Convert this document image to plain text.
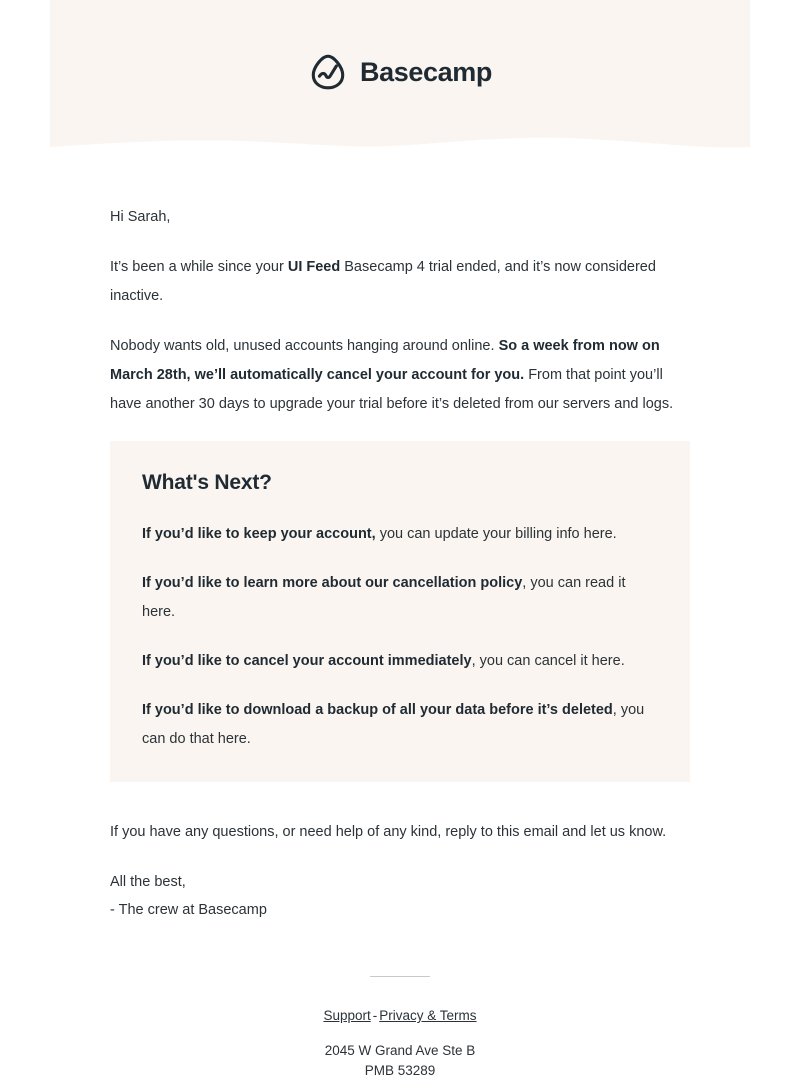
Basecamp

Hi Sarah,

It’s been a while since your UI Feed Basecamp 4 trial ended, and it’s now considered inactive.

Nobody wants old, unused accounts hanging around online. So a week from now on March 28th, we’ll automatically cancel your account for you. From that point you’ll have another 30 days to upgrade your trial before it’s deleted from our servers and logs.

What's Next?

If you’d like to keep your account, you can update your billing info here.

If you’d like to learn more about our cancellation policy, you can read it here.

If you’d like to cancel your account immediately, you can cancel it here.

If you’d like to download a backup of all your data before it’s deleted, you can do that here.

If you have any questions, or need help of any kind, reply to this email and let us know.

All the best,

- The crew at Basecamp

Support - Privacy & Terms
2045 W Grand Ave Ste B
PMB 53289
